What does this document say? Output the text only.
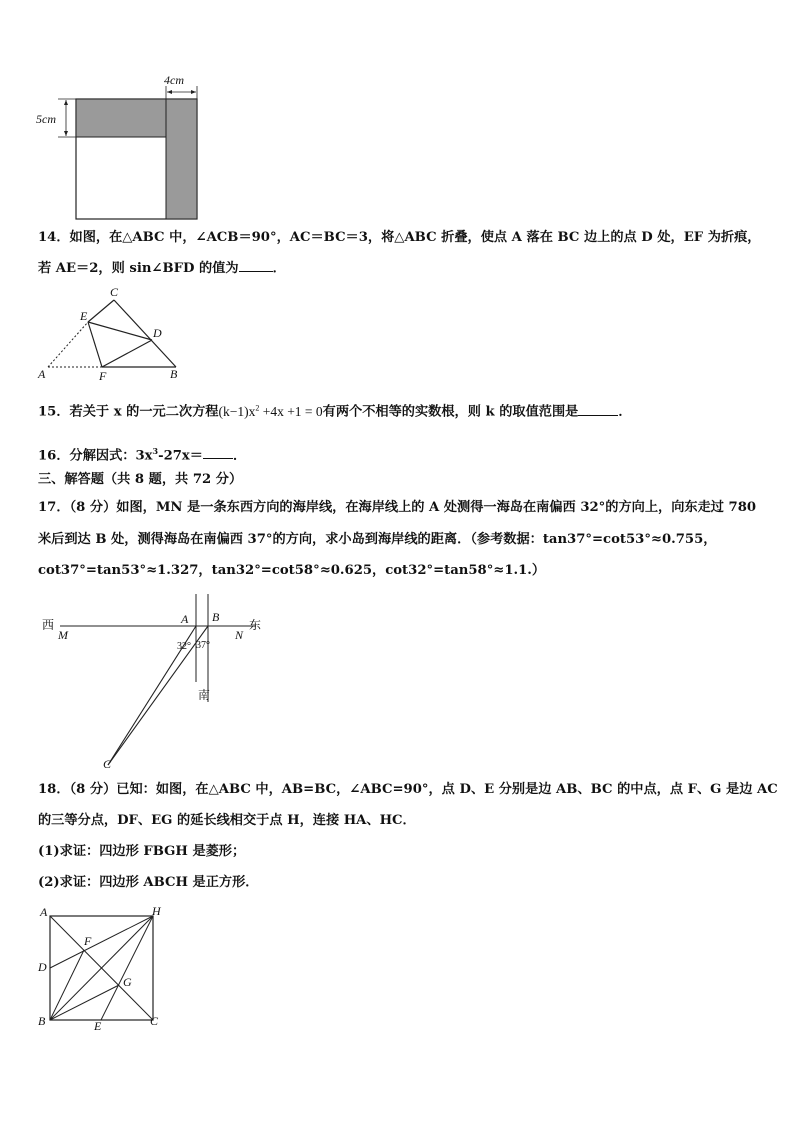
4cm
5cm
14．如图，在△ABC 中，∠ACB＝90°，AC＝BC＝3，将△ABC 折叠，使点 A 落在 BC 边上的点 D 处，EF 为折痕，
若 AE＝2，则 sin∠BFD 的值为	．
C
E
D
A	F	B
15．若关于 x 的一元二次方程$(k-1)x^2 +4x +1 = 0$有两个不相等的实数根，则 k 的取值范围是	．
16．分解因式：$3x^3-27x=$ ．
三、解答题（共 8 题，共 72 分）
17．（8 分）如图，MN 是一条东西方向的海岸线，在海岸线上的 A 处测得一海岛在南偏西 32°的方向上，向东走过 780
米后到达 B 处，测得海岛在南偏西 37°的方向，求小岛到海岸线的距离．（参考数据：tan37°=cot53°≈0.755，
cot37°=tan53°≈1.327，tan32°=cot58°≈0.625，cot32°=tan58°≈1.1.）
西
M
A B
N
东
32° 37°
南
C
18．（8 分）已知：如图，在△ABC 中，AB=BC，∠ABC=90°，点 D、E 分别是边 AB、BC 的中点，点 F、G 是边 AC
的三等分点，DF、EG 的延长线相交于点 H，连接 HA、HC．
(1)求证：四边形 FBGH 是菱形；
(2)求证：四边形 ABCH 是正方形．
A	H
F
D
G
B	E	C
